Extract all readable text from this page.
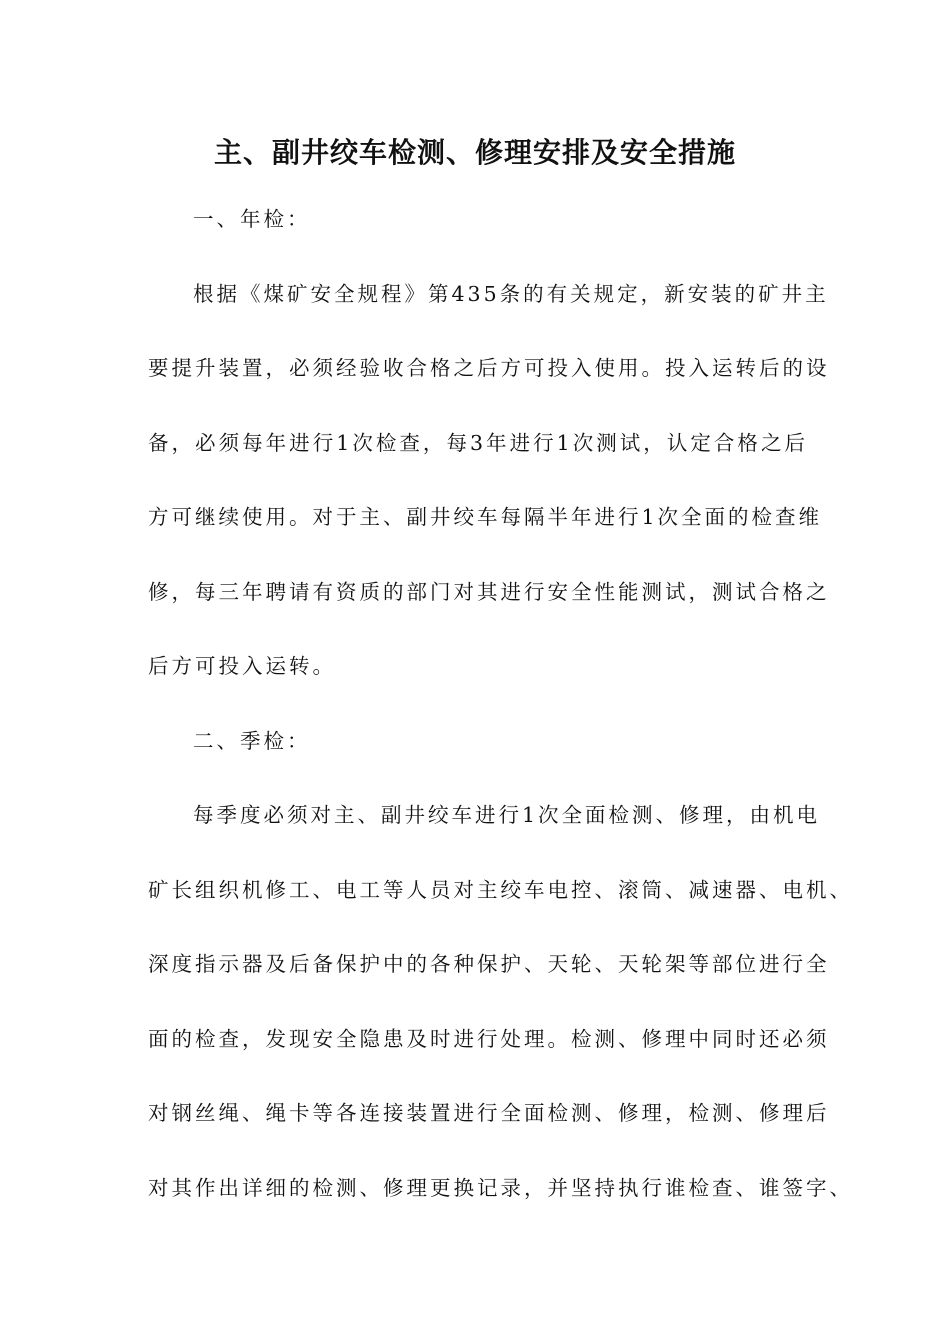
主、副井绞车检测、修理安排及安全措施

一、年检：

根据《煤矿安全规程》第435条的有关规定，新安装的矿井主
要提升装置，必须经验收合格之后方可投入使用。投入运转后的设
备，必须每年进行1次检查，每3年进行1次测试，认定合格之后
方可继续使用。对于主、副井绞车每隔半年进行1次全面的检查维
修，每三年聘请有资质的部门对其进行安全性能测试，测试合格之
后方可投入运转。

二、季检：

每季度必须对主、副井绞车进行1次全面检测、修理，由机电
矿长组织机修工、电工等人员对主绞车电控、滚筒、减速器、电机、
深度指示器及后备保护中的各种保护、天轮、天轮架等部位进行全
面的检查，发现安全隐患及时进行处理。检测、修理中同时还必须
对钢丝绳、绳卡等各连接装置进行全面检测、修理，检测、修理后
对其作出详细的检测、修理更换记录，并坚持执行谁检查、谁签字、
